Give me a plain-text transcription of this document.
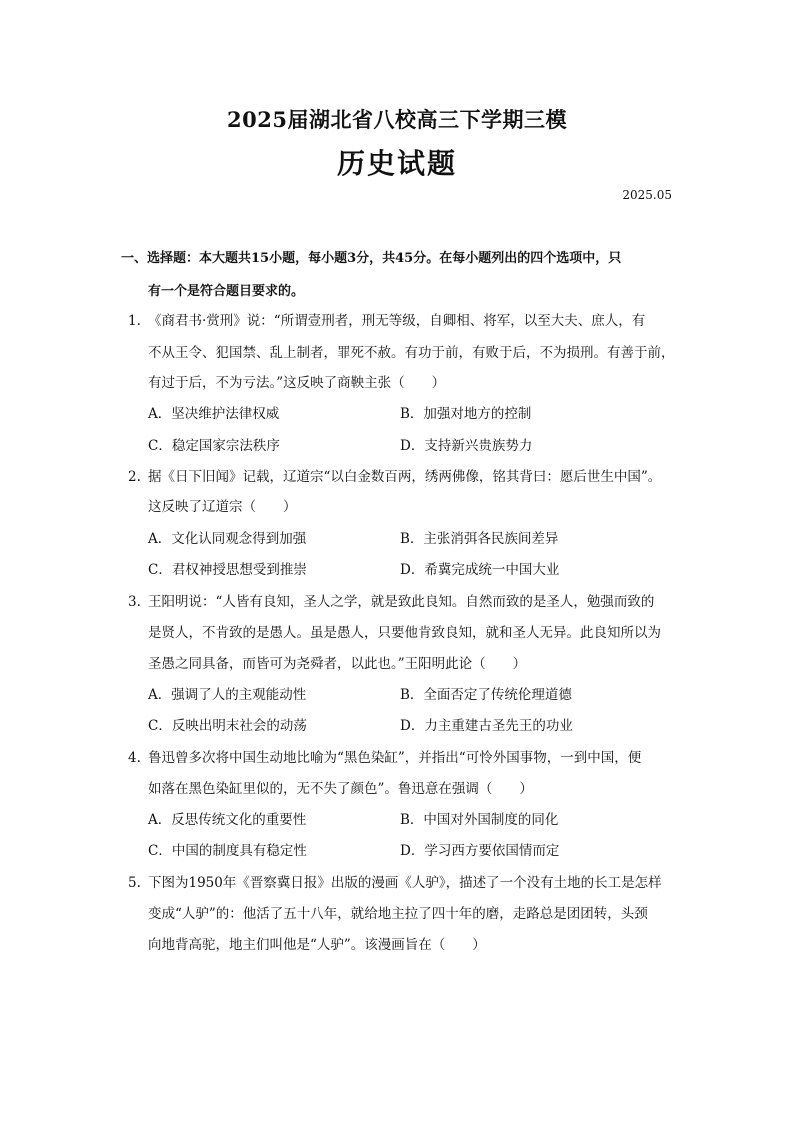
2025届湖北省八校高三下学期三模
历史试题
2025.05
一、选择题：本大题共15小题，每小题3分，共45分。在每小题列出的四个选项中，只
有一个是符合题目要求的。
1. 《商君书·赏刑》说：“所谓壹刑者，刑无等级，自卿相、将军，以至大夫、庶人，有
不从王令、犯国禁、乱上制者，罪死不赦。有功于前，有败于后，不为损刑。有善于前，
有过于后，不为亏法。”这反映了商鞅主张（　　）
A．坚决维护法律权威	B．加强对地方的控制
C．稳定国家宗法秩序	D．支持新兴贵族势力
2. 据《日下旧闻》记载，辽道宗“以白金数百两，绣两佛像，铭其背曰：愿后世生中国”。
这反映了辽道宗（　　）
A．文化认同观念得到加强	B．主张消弭各民族间差异
C．君权神授思想受到推崇	D．希冀完成统一中国大业
3. 王阳明说：“人皆有良知，圣人之学，就是致此良知。自然而致的是圣人，勉强而致的
是贤人，不肯致的是愚人。虽是愚人，只要他肯致良知，就和圣人无异。此良知所以为
圣愚之同具备，而皆可为尧舜者，以此也。”王阳明此论（　　）
A．强调了人的主观能动性	B．全面否定了传统伦理道德
C．反映出明末社会的动荡	D．力主重建古圣先王的功业
4. 鲁迅曾多次将中国生动地比喻为“黑色染缸”，并指出“可怜外国事物，一到中国，便
如落在黑色染缸里似的，无不失了颜色”。鲁迅意在强调（　　）
A．反思传统文化的重要性	B．中国对外国制度的同化
C．中国的制度具有稳定性	D．学习西方要依国情而定
5. 下图为1950年《晋察冀日报》出版的漫画《人驴》，描述了一个没有土地的长工是怎样
变成“人驴”的：他活了五十八年，就给地主拉了四十年的磨，走路总是团团转，头颈
向地背高驼，地主们叫他是“人驴”。该漫画旨在（　　）
